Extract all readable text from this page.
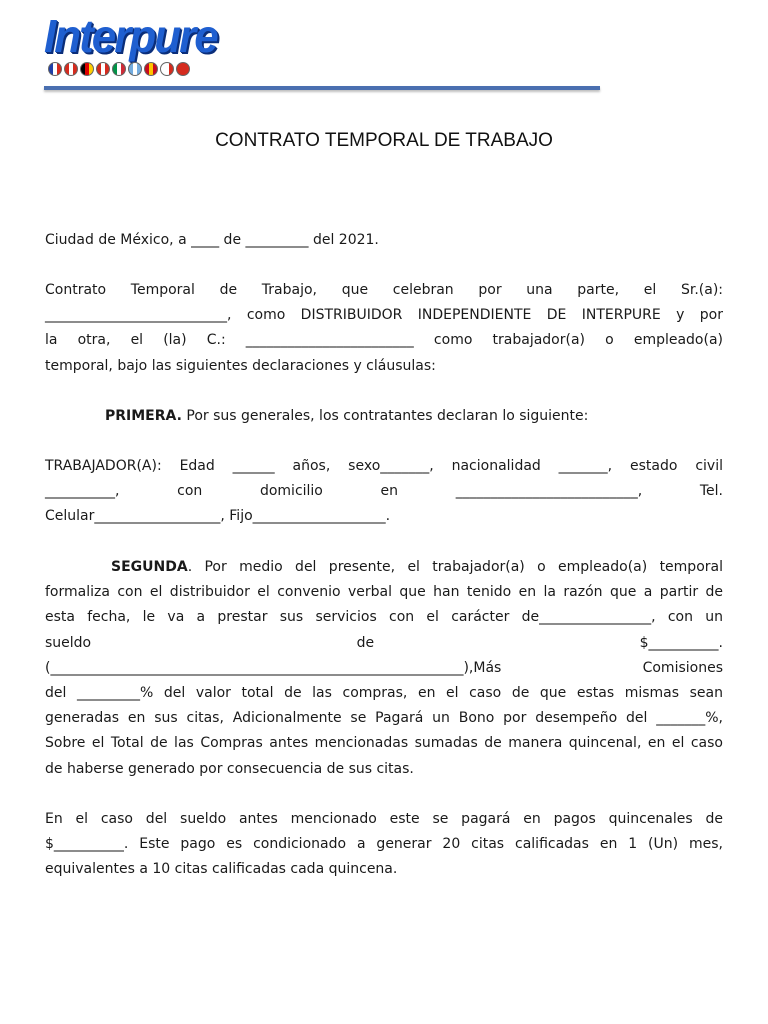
Interpure
CONTRATO TEMPORAL DE TRABAJO
Ciudad de México, a ____ de _________ del 2021.
Contrato Temporal de Trabajo, que celebran por una parte, el Sr.(a):
__________________________, como DISTRIBUIDOR INDEPENDIENTE DE INTERPURE y por
la otra, el (la) C.: ________________________ como trabajador(a) o empleado(a)
temporal, bajo las siguientes declaraciones y cláusulas:
PRIMERA. Por sus generales, los contratantes declaran lo siguiente:
TRABAJADOR(A): Edad ______ años, sexo_______, nacionalidad _______, estado civil
__________, con domicilio en __________________________, Tel.
Celular__________________, Fijo___________________.
SEGUNDA. Por medio del presente, el trabajador(a) o empleado(a) temporal
formaliza con el distribuidor el convenio verbal que han tenido en la razón que a partir de
esta fecha, le va a prestar sus servicios con el carácter de________________, con un
sueldo de $__________.
(___________________________________________________________),Más Comisiones
del _________% del valor total de las compras, en el caso de que estas mismas sean
generadas en sus citas, Adicionalmente se Pagará un Bono por desempeño del _______%,
Sobre el Total de las Compras antes mencionadas sumadas de manera quincenal, en el caso
de haberse generado por consecuencia de sus citas.
En el caso del sueldo antes mencionado este se pagará en pagos quincenales de
$__________. Este pago es condicionado a generar 20 citas calificadas en 1 (Un) mes,
equivalentes a 10 citas calificadas cada quincena.
